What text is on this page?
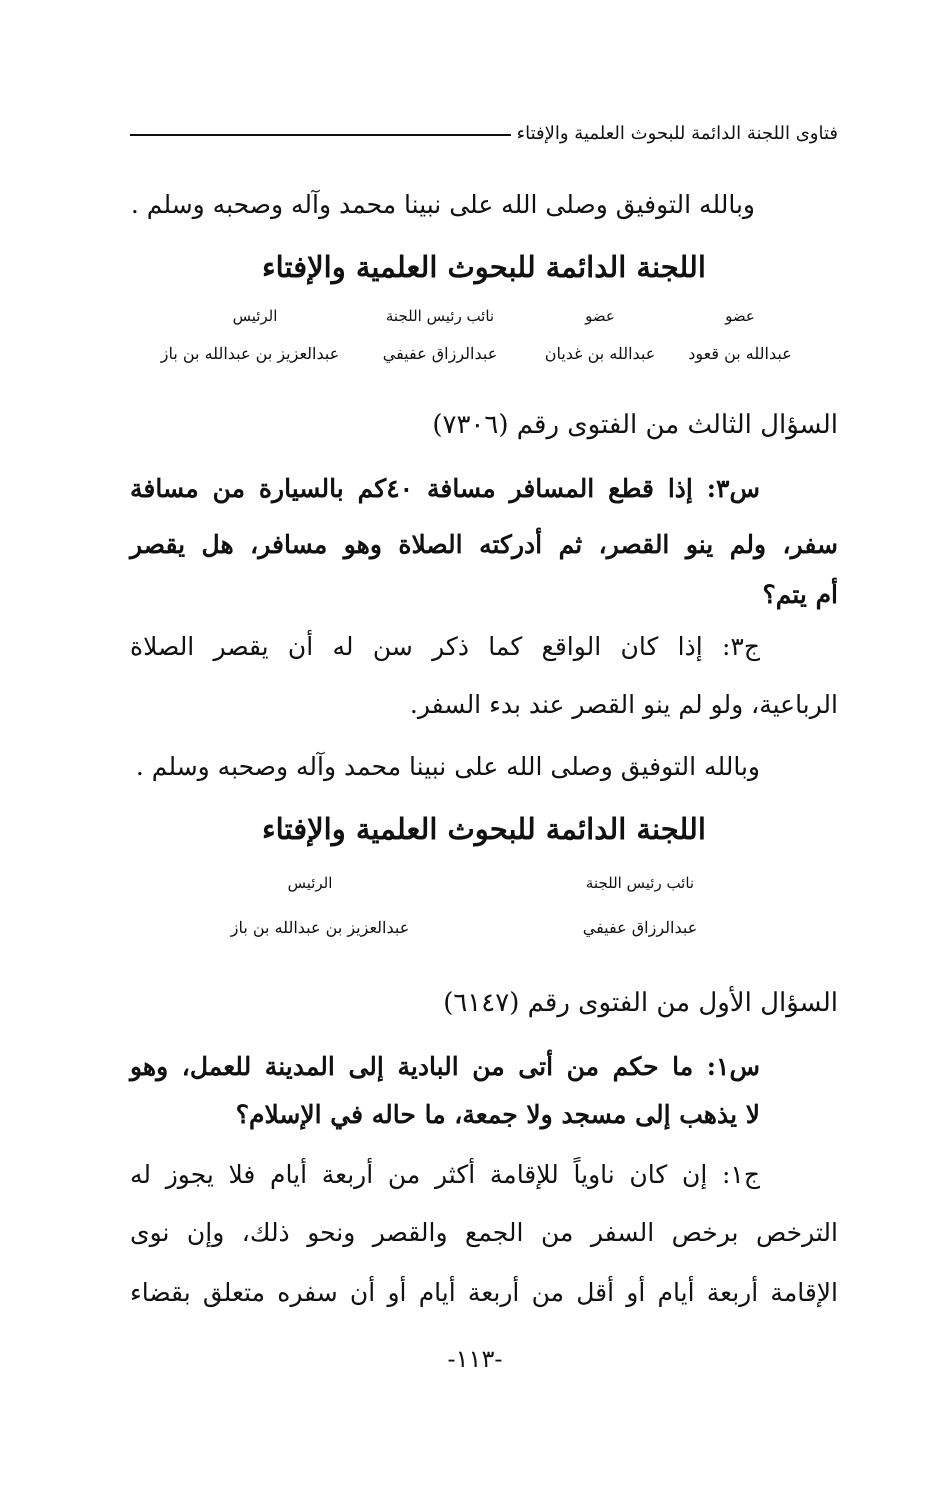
فتاوى اللجنة الدائمة للبحوث العلمية والإفتاء
وبالله التوفيق وصلى الله على نبينا محمد وآله وصحبه وسلم .
اللجنة الدائمة للبحوث العلمية والإفتاء
عضو
عضو
نائب رئيس اللجنة
الرئيس
عبدالله بن قعود
عبدالله بن غديان
عبدالرزاق عفيفي
عبدالعزيز بن عبدالله بن باز
السؤال الثالث من الفتوى رقم (٧٣٠٦)
س٣: إذا قطع المسافر مسافة ٤٠كم بالسيارة من مسافة
سفر، ولم ينو القصر، ثم أدركته الصلاة وهو مسافر، هل يقصر
أم يتم؟
ج٣: إذا كان الواقع كما ذكر سن له أن يقصر الصلاة
الرباعية، ولو لم ينو القصر عند بدء السفر.
وبالله التوفيق وصلى الله على نبينا محمد وآله وصحبه وسلم .
اللجنة الدائمة للبحوث العلمية والإفتاء
نائب رئيس اللجنة
الرئيس
عبدالرزاق عفيفي
عبدالعزيز بن عبدالله بن باز
السؤال الأول من الفتوى رقم (٦١٤٧)
س١: ما حكم من أتى من البادية إلى المدينة للعمل، وهو
لا يذهب إلى مسجد ولا جمعة، ما حاله في الإسلام؟
ج١: إن كان ناوياً للإقامة أكثر من أربعة أيام فلا يجوز له
الترخص برخص السفر من الجمع والقصر ونحو ذلك، وإن نوى
الإقامة أربعة أيام أو أقل من أربعة أيام أو أن سفره متعلق بقضاء
-١١٣-
